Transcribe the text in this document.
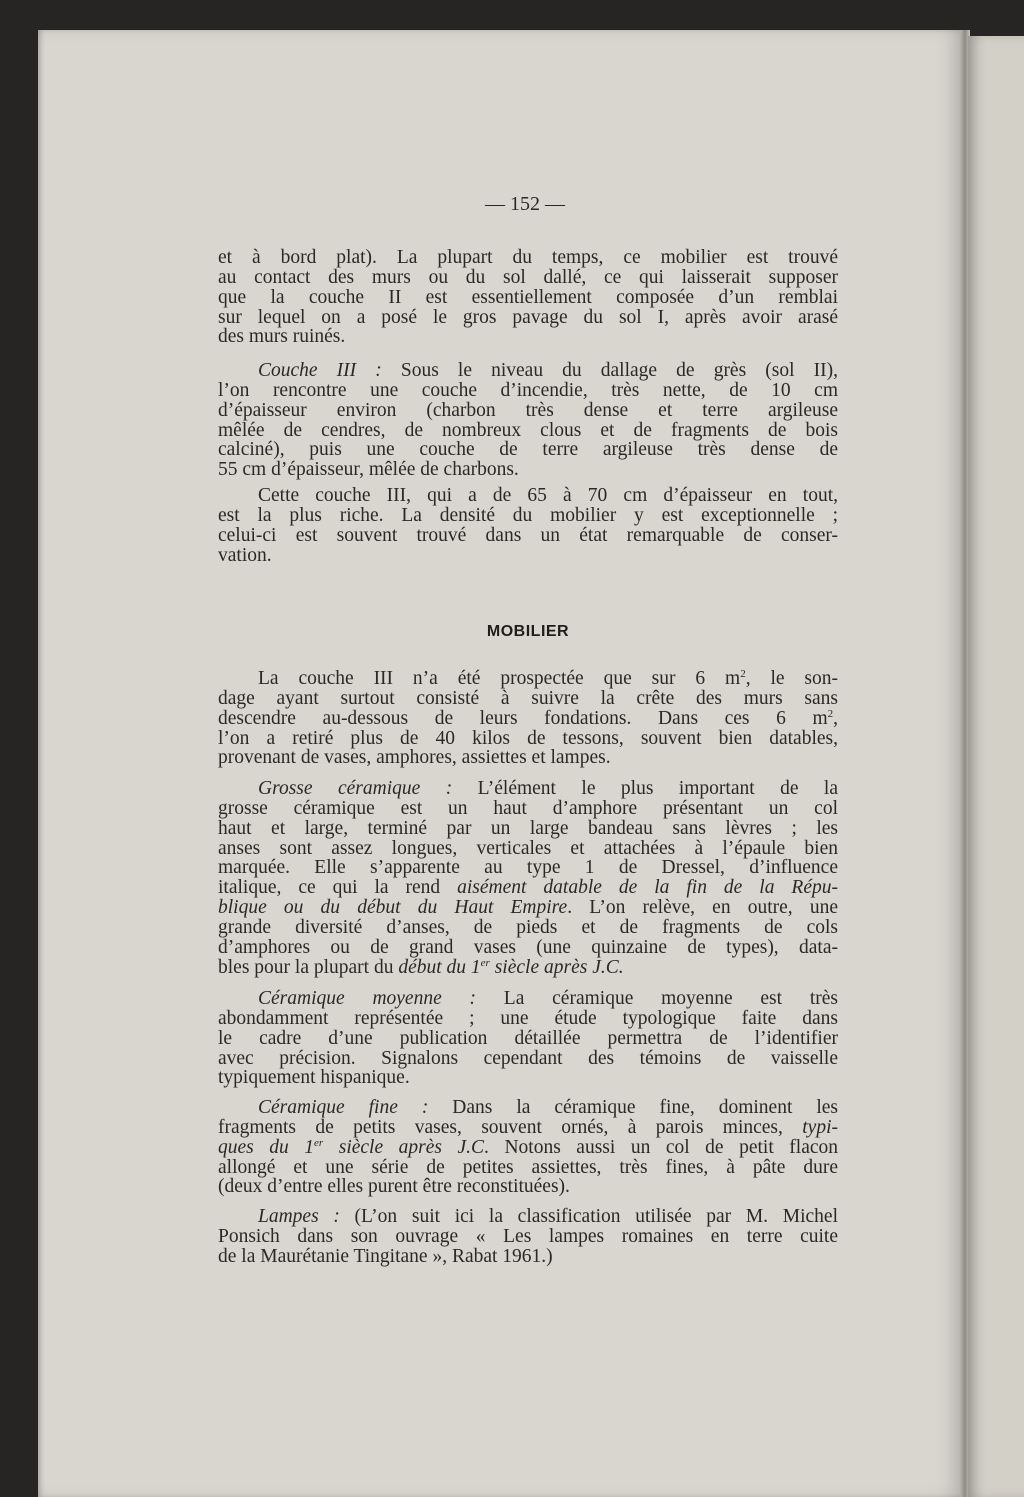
— 152 —
MOBILIER
et à bord plat). La plupart du temps, ce mobilier est trouvé
au contact des murs ou du sol dallé, ce qui laisserait supposer
que la couche II est essentiellement composée d’un remblai
sur lequel on a posé le gros pavage du sol I, après avoir arasé
des murs ruinés.
Couche III : Sous le niveau du dallage de grès (sol II),
l’on rencontre une couche d’incendie, très nette, de 10 cm
d’épaisseur environ (charbon très dense et terre argileuse
mêlée de cendres, de nombreux clous et de fragments de bois
calciné), puis une couche de terre argileuse très dense de
55 cm d’épaisseur, mêlée de charbons.
Cette couche III, qui a de 65 à 70 cm d’épaisseur en tout,
est la plus riche. La densité du mobilier y est exceptionnelle ;
celui-ci est souvent trouvé dans un état remarquable de conser-
vation.
La couche III n’a été prospectée que sur 6 $m^2$, le son-
dage ayant surtout consisté à suivre la crête des murs sans
descendre au-dessous de leurs fondations. Dans ces 6 $m^2$,
l’on a retiré plus de 40 kilos de tessons, souvent bien datables,
provenant de vases, amphores, assiettes et lampes.
Grosse céramique : L’élément le plus important de la
grosse céramique est un haut d’amphore présentant un col
haut et large, terminé par un large bandeau sans lèvres ; les
anses sont assez longues, verticales et attachées à l’épaule bien
marquée. Elle s’apparente au type 1 de Dressel, d’influence
italique, ce qui la rend aisément datable de la fin de la Répu-
blique ou du début du Haut Empire. L’on relève, en outre, une
grande diversité d’anses, de pieds et de fragments de cols
d’amphores ou de grand vases (une quinzaine de types), data-
bles pour la plupart du début du 1er siècle après J.C.
Céramique moyenne : La céramique moyenne est très
abondamment représentée ; une étude typologique faite dans
le cadre d’une publication détaillée permettra de l’identifier
avec précision. Signalons cependant des témoins de vaisselle
typiquement hispanique.
Céramique fine : Dans la céramique fine, dominent les
fragments de petits vases, souvent ornés, à parois minces, typi-
ques du 1er siècle après J.C. Notons aussi un col de petit flacon
allongé et une série de petites assiettes, très fines, à pâte dure
(deux d’entre elles purent être reconstituées).
Lampes : (L’on suit ici la classification utilisée par M. Michel
Ponsich dans son ouvrage « Les lampes romaines en terre cuite
de la Maurétanie Tingitane », Rabat 1961.)
